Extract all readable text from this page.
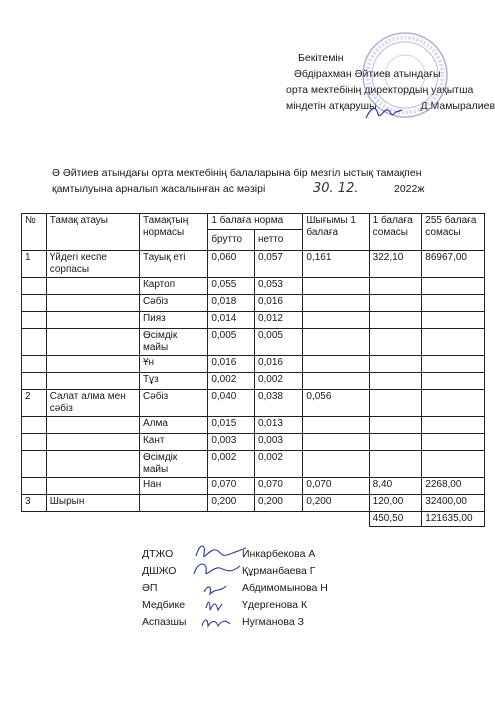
Бекітемін
Әбдірахман Әйтиев атындағы
орта мектебінің директордың уақытша
міндетін атқарушы	Д.Мамыралиев
Ә Әйтиев атындағы орта мектебінің балаларына бір мезгіл ыстық тамақпен
қамтылуына арналып жасалынған ас мәзірі	30. 12.	2022ж
№	Тамақ атауы	Тамақтың нормасы	1 балаға норма		Шығымы 1 балаға	1 балаға сомасы	255 балаға сомасы
			брутто	нетто			
1	Үйдегі кеспе сорпасы	Тауық еті	0,060	0,057	0,161	322,10	86967,00
		Картоп	0,055	0,053			
		Сәбіз	0,018	0,016			
		Пияз	0,014	0,012			
		Өсімдік майы	0,005	0,005			
		Ұн	0,016	0,016			
		Тұз	0,002	0,002			
2	Салат алма мен сәбіз	Сәбіз	0,040	0,038	0,056		
		Алма	0,015	0,013			
		Кант	0,003	0,003			
		Өсімдік майы	0,002	0,002			
		Нан	0,070	0,070	0,070	8,40	2268,00
3	Шырын		0,200	0,200	0,200	120,00	32400,00
						450,50	121635,00
ДТЖО	Инкарбекова А
ДШЖО	Құрманбаева Г
ӘП	Абдимомынова Н
Медбике	Үдергенова К
Аспазшы	Нугманова З
